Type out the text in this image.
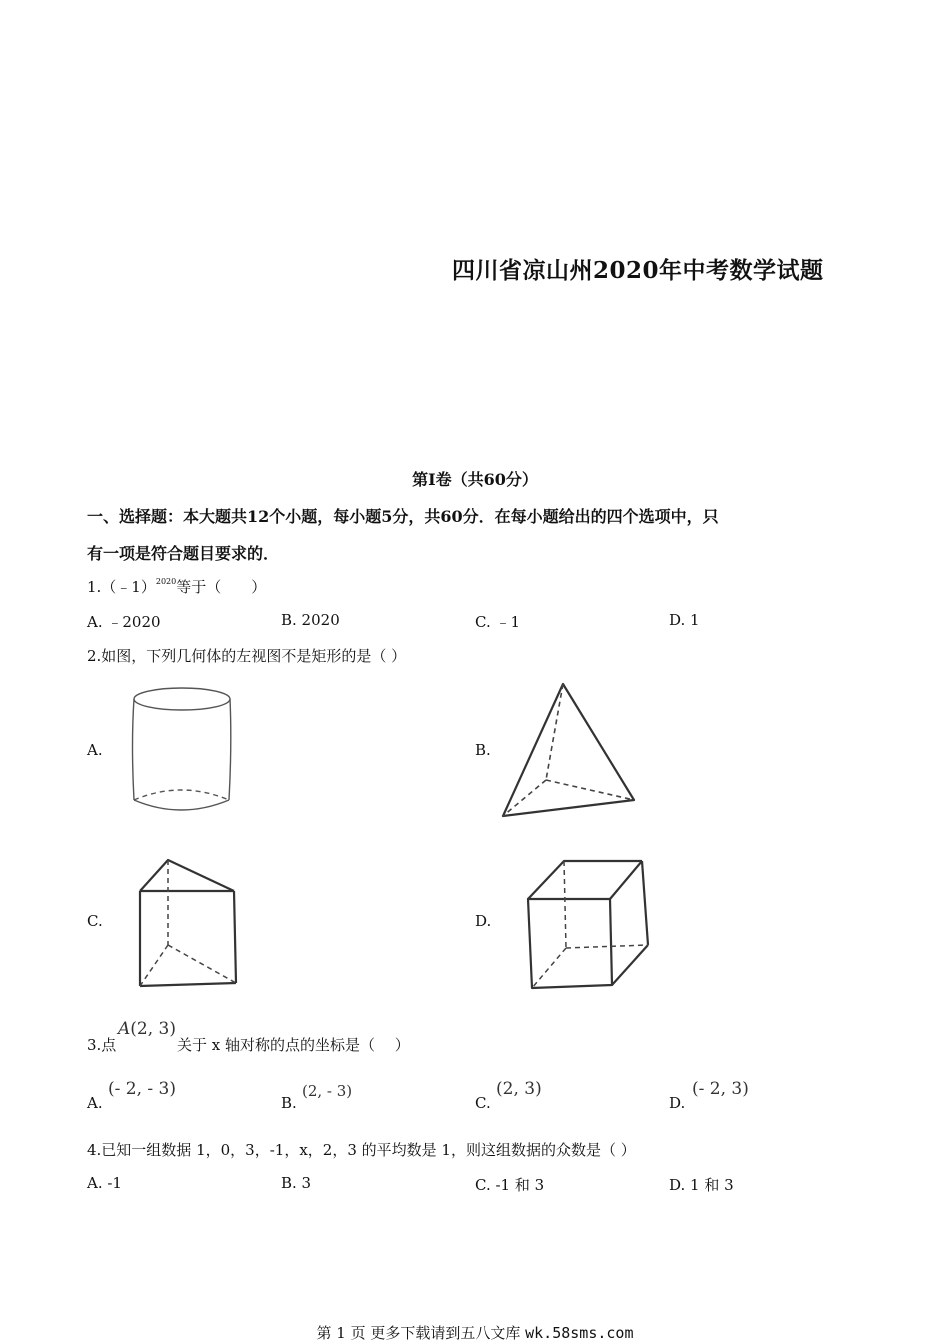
四川省凉山州2020年中考数学试题
第Ⅰ卷（共60分）
一、选择题：本大题共12个小题，每小题5分，共60分．在每小题给出的四个选项中，只
有一项是符合题目要求的．
1.（﹣1）$^{2020}$等于（　　）
A. ﹣2020	B. 2020	C. ﹣1	D. 1
2.如图，下列几何体的左视图不是矩形的是（ ）
A.	B.
C.	D.
3.点
A(2, 3)
关于 x 轴对称的点的坐标是（　 ）
A.
(- 2, - 3)
B.
(2, - 3)
C.
(2, 3)
D.
(- 2, 3)
4.已知一组数据 1，0，3，-1，x，2，3 的平均数是 1，则这组数据的众数是（ ）
A. -1	B. 3	C. -1 和 3	D. 1 和 3
第 1 页 更多下载请到五八文库 wk.58sms.com
